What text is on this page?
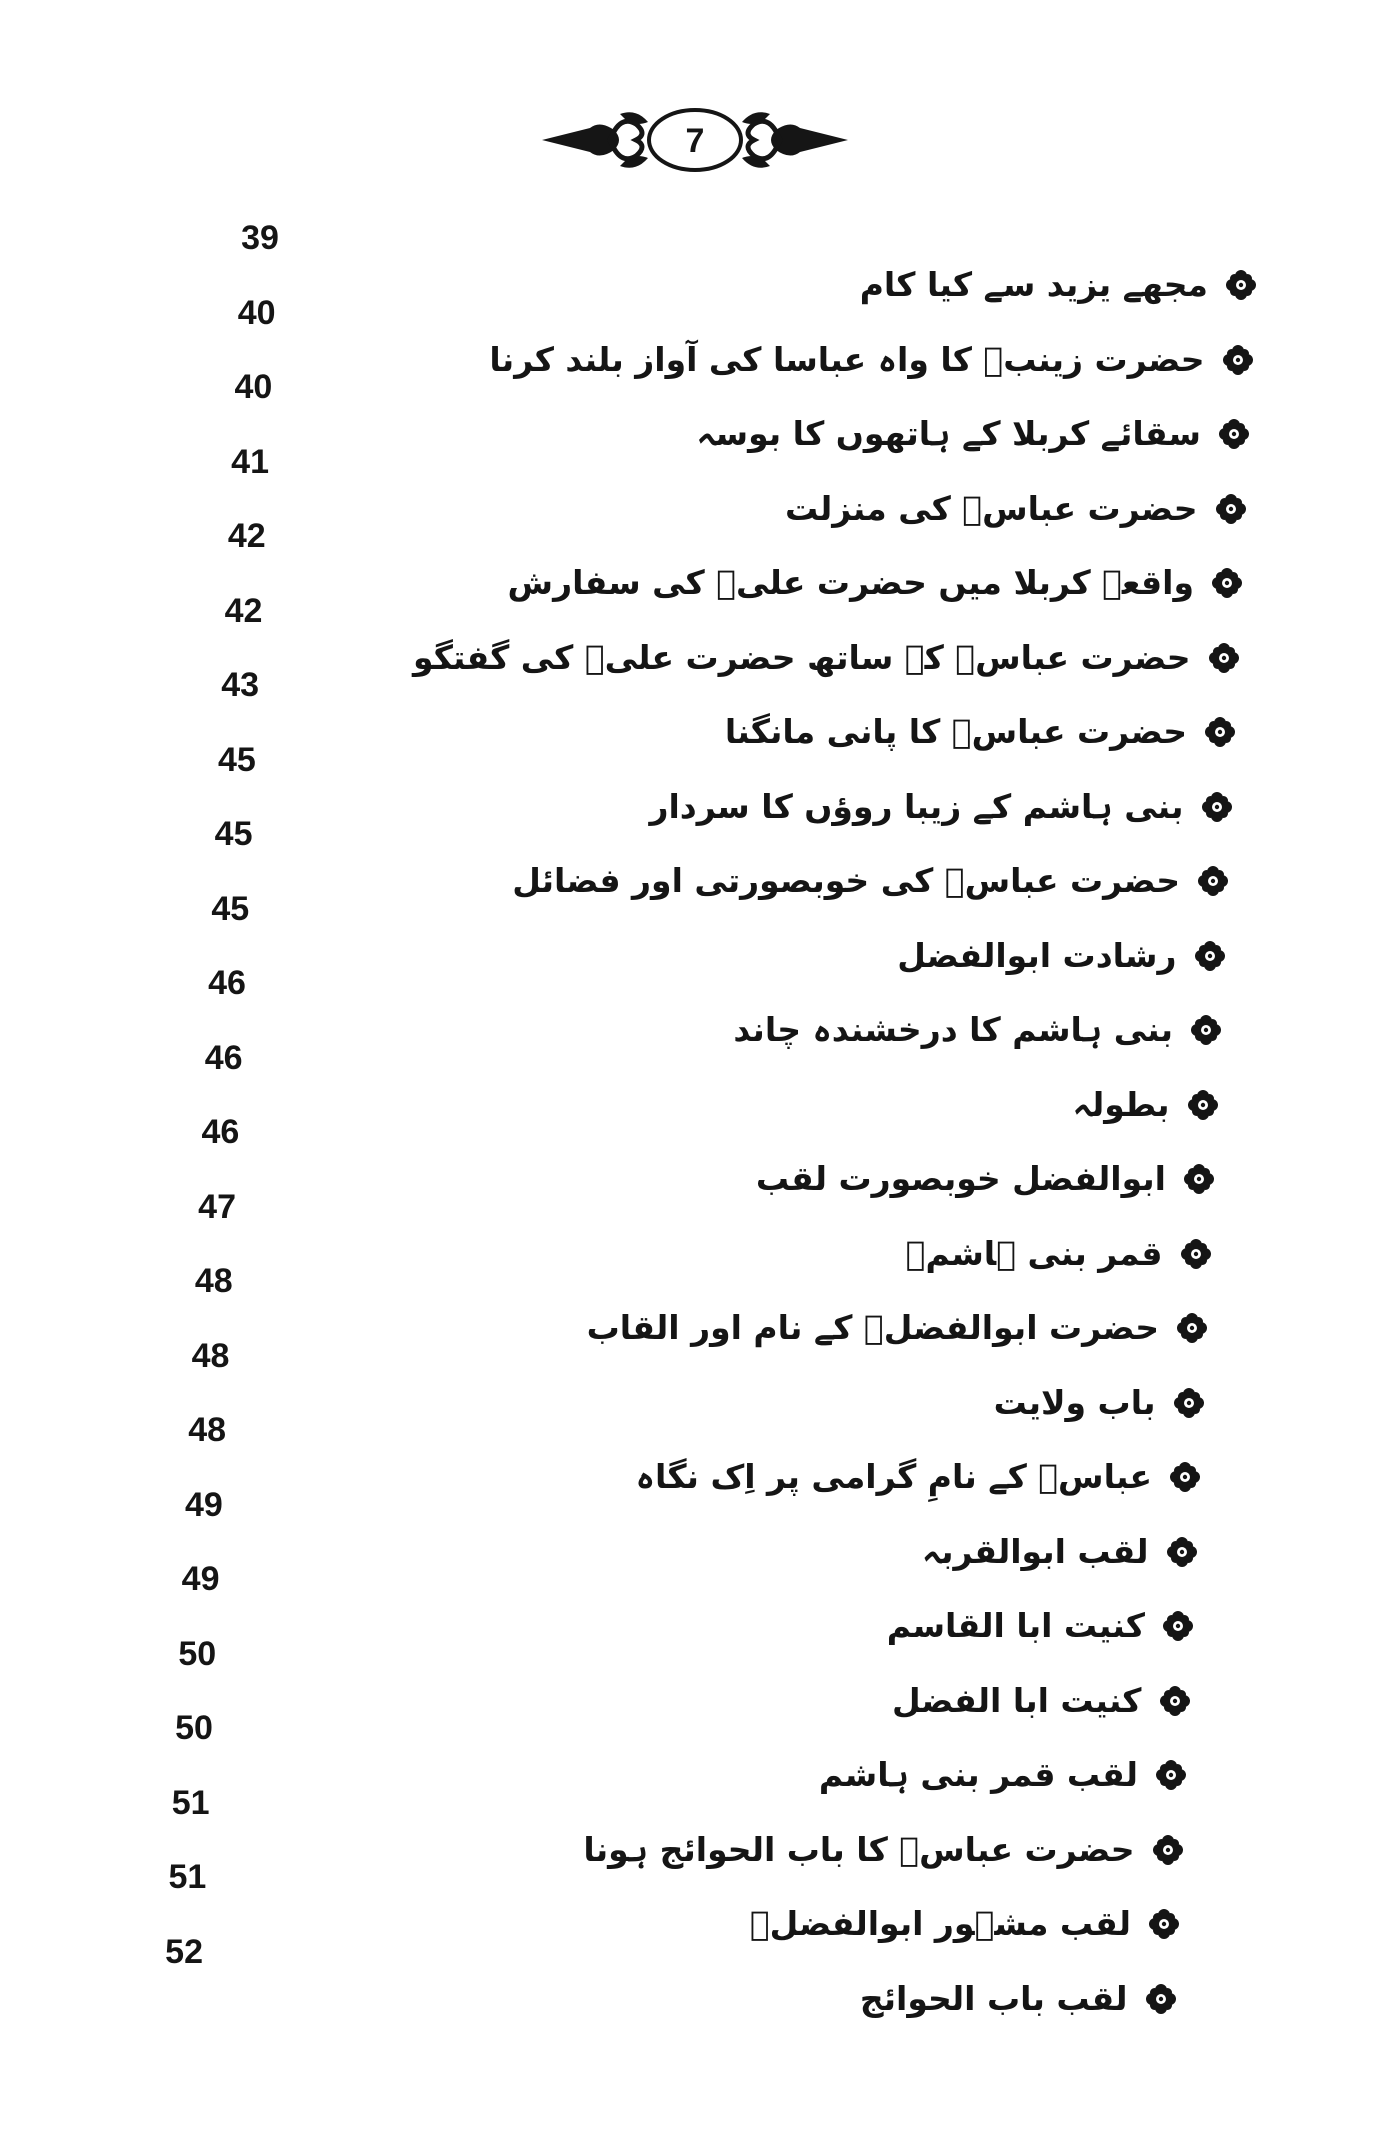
7
39
مجھے یزید سے کیا کام
40
حضرت زینبؑ کا واہ عباسا کی آواز بلند کرنا
40
سقائے کربلا کے ہاتھوں کا بوسہ
41
حضرت عباسؑ کی منزلت
42
واقعۂ کربلا میں حضرت علیؑ کی سفارش
42
حضرت عباسؑ کے ساتھ حضرت علیؑ کی گفتگو
43
حضرت عباسؑ کا پانی مانگنا
45
بنی ہاشم کے زیبا روؤں کا سردار
45
حضرت عباسؑ کی خوبصورتی اور فضائل
45
رشادت ابوالفضل
46
بنی ہاشم کا درخشندہ چاند
46
بطولہ
46
ابوالفضل خوبصورت لقب
47
قمر بنی ہاشمؑ
48
حضرت ابوالفضلؑ کے نام اور القاب
48
باب ولایت
48
عباسؑ کے نامِ گرامی پر اِک نگاہ
49
لقب ابوالقربہ
49
کنیت ابا القاسم
50
کنیت ابا الفضل
50
لقب قمر بنی ہاشم
51
حضرت عباسؑ کا باب الحوائج ہونا
51
لقب مشہور ابوالفضلؑ
52
لقب باب الحوائج
